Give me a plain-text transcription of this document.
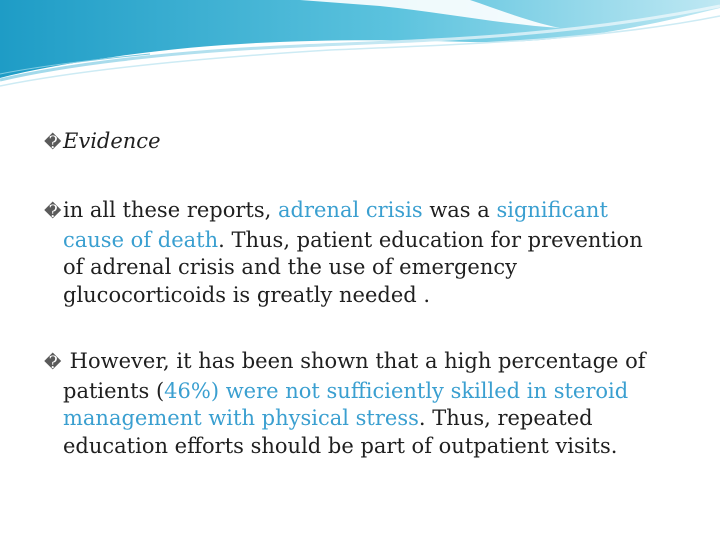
�Evidence
�in all these reports, adrenal crisis was a significant
cause of death. Thus, patient education for prevention
of adrenal crisis and the use of emergency
glucocorticoids is greatly needed .
� However, it has been shown that a high percentage of
patients (46%) were not sufficiently skilled in steroid
management with physical stress. Thus, repeated
education efforts should be part of outpatient visits.
